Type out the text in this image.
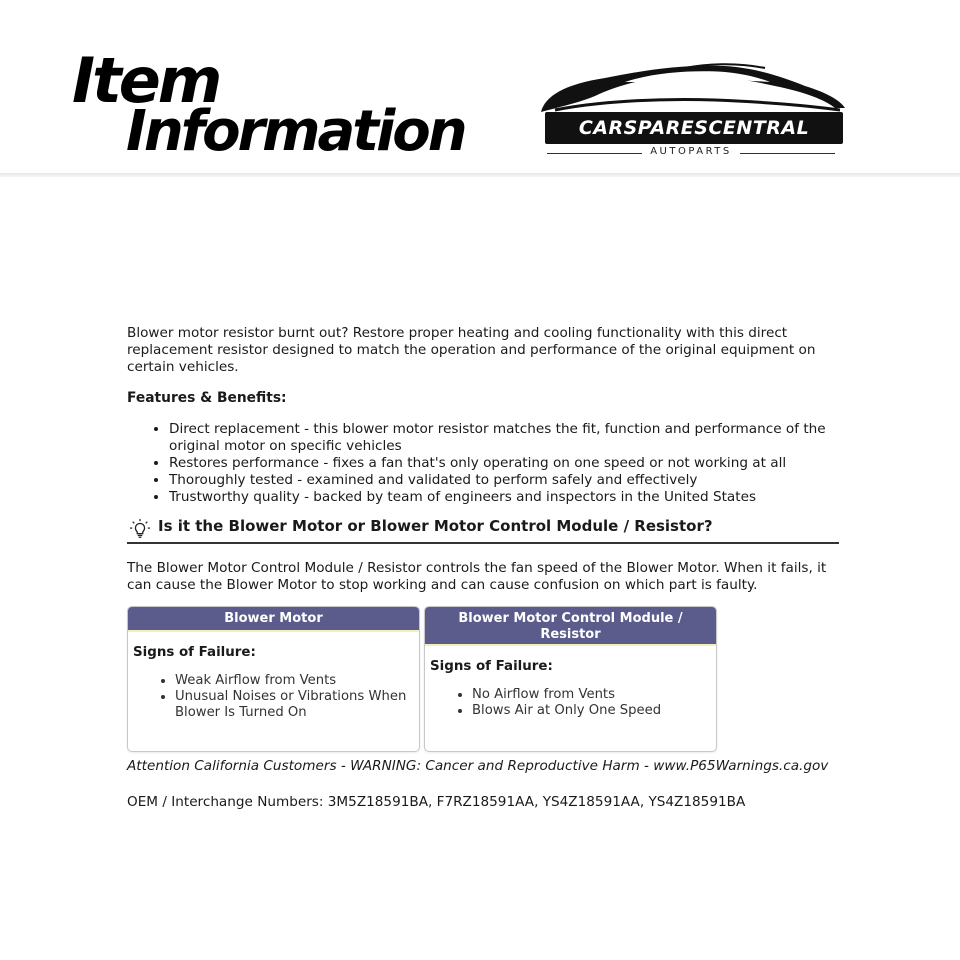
Item
Information	CARSPARESCENTRAL
AUTOPARTS

Blower motor resistor burnt out? Restore proper heating and cooling functionality with this direct replacement resistor designed to match the operation and performance of the original equipment on certain vehicles.

Features & Benefits:

• Direct replacement - this blower motor resistor matches the fit, function and performance of the original motor on specific vehicles
• Restores performance - fixes a fan that's only operating on one speed or not working at all
• Thoroughly tested - examined and validated to perform safely and effectively
• Trustworthy quality - backed by team of engineers and inspectors in the United States
Is it the Blower Motor or Blower Motor Control Module / Resistor?

The Blower Motor Control Module / Resistor controls the fan speed of the Blower Motor. When it fails, it can cause the Blower Motor to stop working and can cause confusion on which part is faulty.

Blower Motor
Signs of Failure:
• Weak Airflow from Vents
• Unusual Noises or Vibrations When Blower Is Turned On
Blower Motor Control Module / Resistor
Signs of Failure:
• No Airflow from Vents
• Blows Air at Only One Speed

Attention California Customers - WARNING: Cancer and Reproductive Harm - www.P65Warnings.ca.gov

OEM / Interchange Numbers: 3M5Z18591BA, F7RZ18591AA, YS4Z18591AA, YS4Z18591BA
